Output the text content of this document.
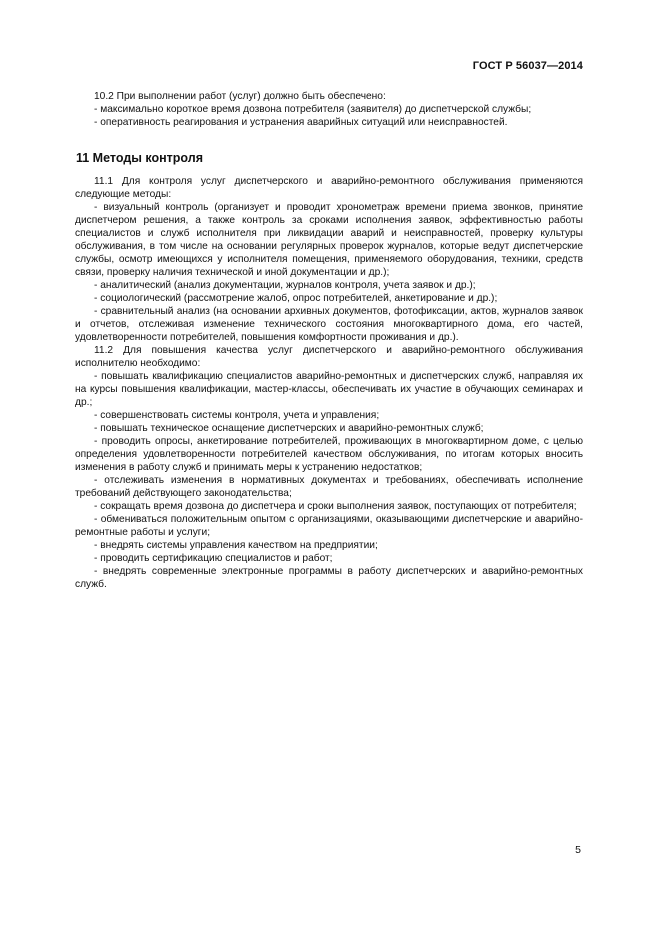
ГОСТ Р 56037—2014

10.2 При выполнении работ (услуг) должно быть обеспечено:

- максимально короткое время дозвона потребителя (заявителя) до диспетчерской службы;

- оперативность реагирования и устранения аварийных ситуаций или неисправностей.

11 Методы контроля

11.1 Для контроля услуг диспетчерского и аварийно-ремонтного обслуживания применяются следующие методы:

- визуальный контроль (организует и проводит хронометраж времени приема звонков, принятие диспетчером решения, а также контроль за сроками исполнения заявок, эффективностью работы специалистов и служб исполнителя при ликвидации аварий и неисправностей, проверку культуры обслуживания, в том числе на основании регулярных проверок журналов, которые ведут диспетчерские службы, осмотр имеющихся у исполнителя помещения, применяемого оборудования, техники, средств связи, проверку наличия технической и иной документации и др.);

- аналитический (анализ документации, журналов контроля, учета заявок и др.);

- социологический (рассмотрение жалоб, опрос потребителей, анкетирование и др.);

- сравнительный анализ (на основании архивных документов, фотофиксации, актов, журналов заявок и отчетов, отслеживая изменение технического состояния многоквартирного дома, его частей, удовлетворенности потребителей, повышения комфортности проживания и др.).

11.2 Для повышения качества услуг диспетчерского и аварийно-ремонтного обслуживания исполнителю необходимо:

- повышать квалификацию специалистов аварийно-ремонтных и диспетчерских служб, направляя их на курсы повышения квалификации, мастер-классы, обеспечивать их участие в обучающих семинарах и др.;

- совершенствовать системы контроля, учета и управления;

- повышать техническое оснащение диспетчерских и аварийно-ремонтных служб;

- проводить опросы, анкетирование потребителей, проживающих в многоквартирном доме, с целью определения удовлетворенности потребителей качеством обслуживания, по итогам которых вносить изменения в работу служб и принимать меры к устранению недостатков;

- отслеживать изменения в нормативных документах и требованиях, обеспечивать исполнение требований действующего законодательства;

- сокращать время дозвона до диспетчера и сроки выполнения заявок, поступающих от потребителя;

- обмениваться положительным опытом с организациями, оказывающими диспетчерские и аварийно-ремонтные работы и услуги;

- внедрять системы управления качеством на предприятии;

- проводить сертификацию специалистов и работ;

- внедрять современные электронные программы в работу диспетчерских и аварийно-ремонтных служб.

5
